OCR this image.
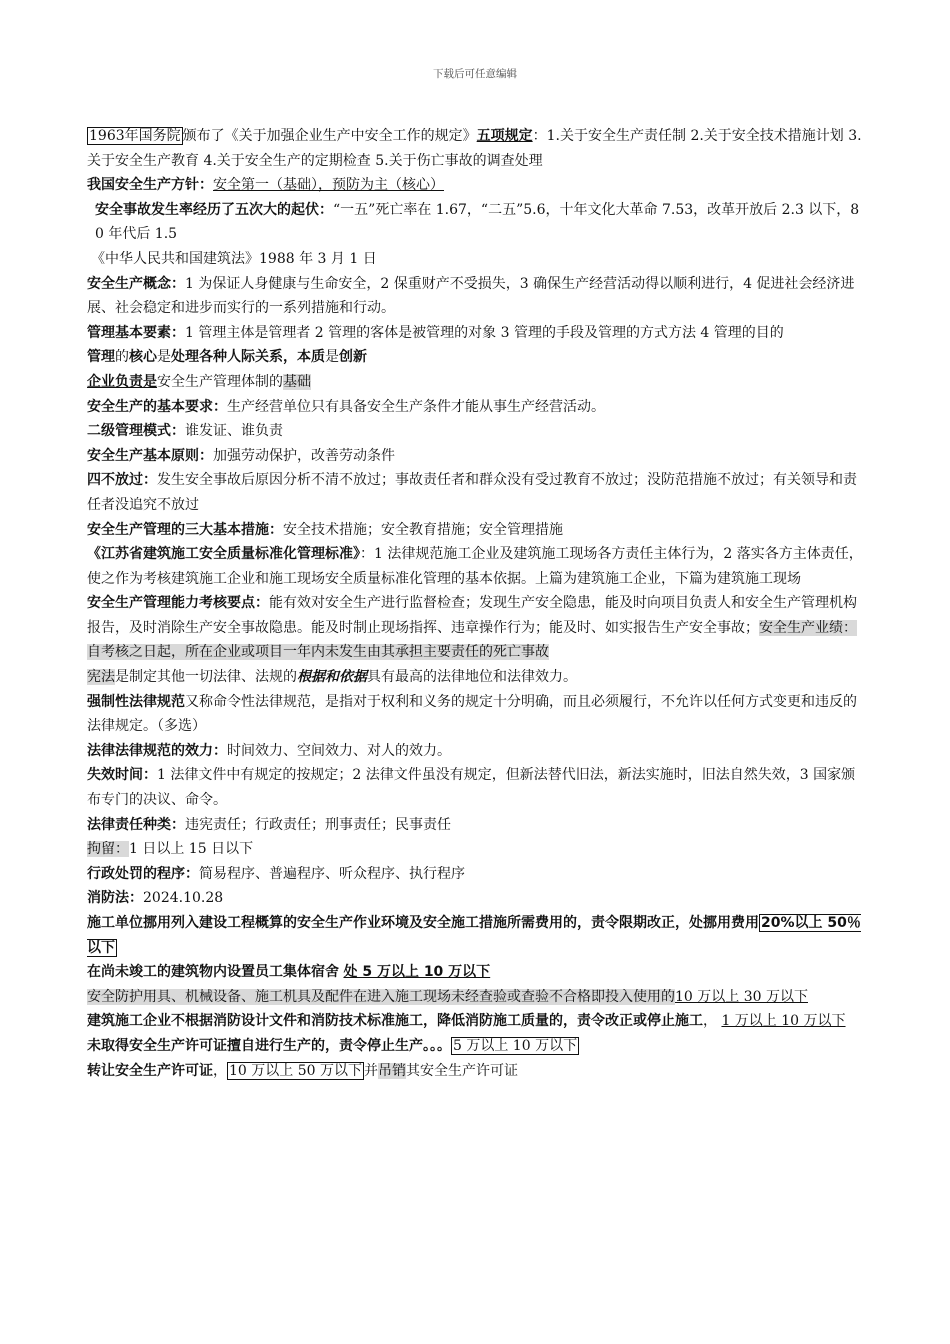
下载后可任意编辑

1963年国务院 颁布了《关于加强企业生产中安全工作的规定》五项规定：1.关于安全生产责任制 2.关于安全技术措施计划 3.关于安全生产教育 4.关于安全生产的定期检查 5.关于伤亡事故的调查处理

我国安全生产方针：安全第一（基础），预防为主（核心）

安全事故发生率经历了五次大的起伏：“一五”死亡率在 1.67，“二五”5.6，十年文化大革命 7.53，改革开放后 2.3 以下，80 年代后 1.5

《中华人民共和国建筑法》1988 年 3 月 1 日

安全生产概念：1 为保证人身健康与生命安全，2 保重财产不受损失，3 确保生产经营活动得以顺利进行，4 促进社会经济进展、社会稳定和进步而实行的一系列措施和行动。

管理基本要素：1 管理主体是管理者 2 管理的客体是被管理的对象 3 管理的手段及管理的方式方法 4 管理的目的

管理的核心是处理各种人际关系，本质是创新

企业负责是安全生产管理体制的基础

安全生产的基本要求：生产经营单位只有具备安全生产条件才能从事生产经营活动。

二级管理模式：谁发证、谁负责

安全生产基本原则：加强劳动保护，改善劳动条件

四不放过：发生安全事故后原因分析不清不放过；事故责任者和群众没有受过教育不放过；没防范措施不放过；有关领导和责任者没追究不放过

安全生产管理的三大基本措施：安全技术措施；安全教育措施；安全管理措施

《江苏省建筑施工安全质量标准化管理标准》：1 法律规范施工企业及建筑施工现场各方责任主体行为，2 落实各方主体责任，使之作为考核建筑施工企业和施工现场安全质量标准化管理的基本依据。上篇为建筑施工企业，下篇为建筑施工现场

安全生产管理能力考核要点：能有效对安全生产进行监督检查；发现生产安全隐患，能及时向项目负责人和安全生产管理机构报告，及时消除生产安全事故隐患。能及时制止现场指挥、违章操作行为；能及时、如实报告生产安全事故；安全生产业绩：自考核之日起，所在企业或项目一年内未发生由其承担主要责任的死亡事故

宪法是制定其他一切法律、法规的根据和依据具有最高的法律地位和法律效力。

强制性法律规范又称命令性法律规范，是指对于权利和义务的规定十分明确，而且必须履行，不允许以任何方式变更和违反的法律规定。（多选）

法律法律规范的效力：时间效力、空间效力、对人的效力。

失效时间：1 法律文件中有规定的按规定；2 法律文件虽没有规定，但新法替代旧法，新法实施时，旧法自然失效，3 国家颁布专门的决议、命令。

法律责任种类：违宪责任；行政责任；刑事责任；民事责任

拘留：1 日以上 15 日以下

行政处罚的程序：简易程序、普遍程序、听众程序、执行程序

消防法：2024.10.28

施工单位挪用列入建设工程概算的安全生产作业环境及安全施工措施所需费用的，责令限期改正，处挪用费用 20%以上 50％以下

在尚未竣工的建筑物内设置员工集体宿舍 处 5 万以上 10 万以下

安全防护用具、机械设备、施工机具及配件在进入施工现场未经查验或查验不合格即投入使用的10 万以上 30 万以下

建筑施工企业不根据消防设计文件和消防技术标准施工，降低消防施工质量的，责令改正或停止施工， 1 万以上 10 万以下

未取得安全生产许可证擅自进行生产的，责令停止生产。。。 5 万以上 10 万以下

转让安全生产许可证， 10 万以上 50 万以下 并吊销其安全生产许可证
